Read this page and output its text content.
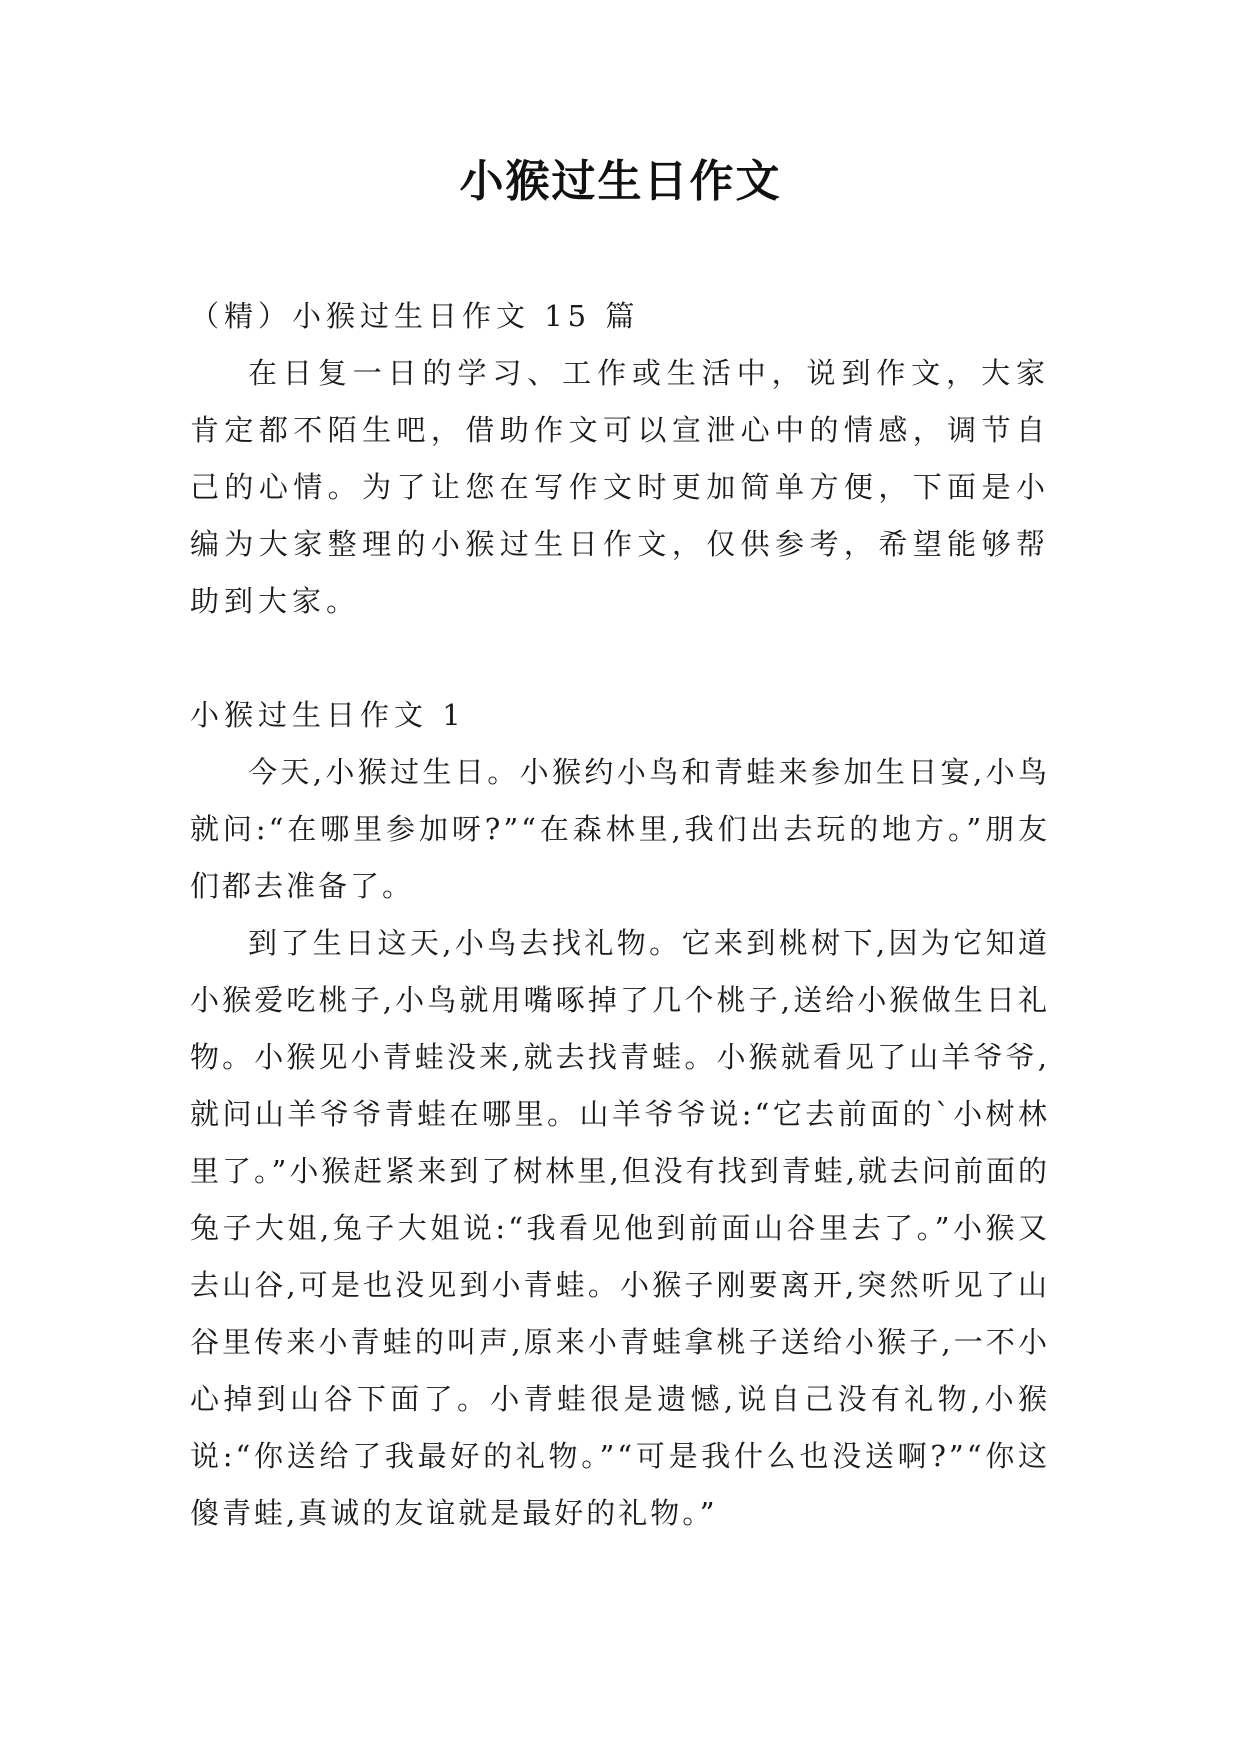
小猴过生日作文

（精）小猴过生日作文 15 篇

在日复一日的学习、工作或生活中，说到作文，大家肯定都不陌生吧，借助作文可以宣泄心中的情感，调节自己的心情。为了让您在写作文时更加简单方便，下面是小编为大家整理的小猴过生日作文，仅供参考，希望能够帮助到大家。

小猴过生日作文 1

今天,小猴过生日。小猴约小鸟和青蛙来参加生日宴,小鸟就问:“在哪里参加呀?”“在森林里,我们出去玩的地方。”朋友们都去准备了。

到了生日这天,小鸟去找礼物。它来到桃树下,因为它知道小猴爱吃桃子,小鸟就用嘴啄掉了几个桃子,送给小猴做生日礼物。小猴见小青蛙没来,就去找青蛙。小猴就看见了山羊爷爷,就问山羊爷爷青蛙在哪里。山羊爷爷说:“它去前面的`小树林里了。”小猴赶紧来到了树林里,但没有找到青蛙,就去问前面的兔子大姐,兔子大姐说:“我看见他到前面山谷里去了。”小猴又去山谷,可是也没见到小青蛙。小猴子刚要离开,突然听见了山谷里传来小青蛙的叫声,原来小青蛙拿桃子送给小猴子,一不小心掉到山谷下面了。小青蛙很是遗憾,说自己没有礼物,小猴说:“你送给了我最好的礼物。”“可是我什么也没送啊?”“你这傻青蛙,真诚的友谊就是最好的礼物。”
